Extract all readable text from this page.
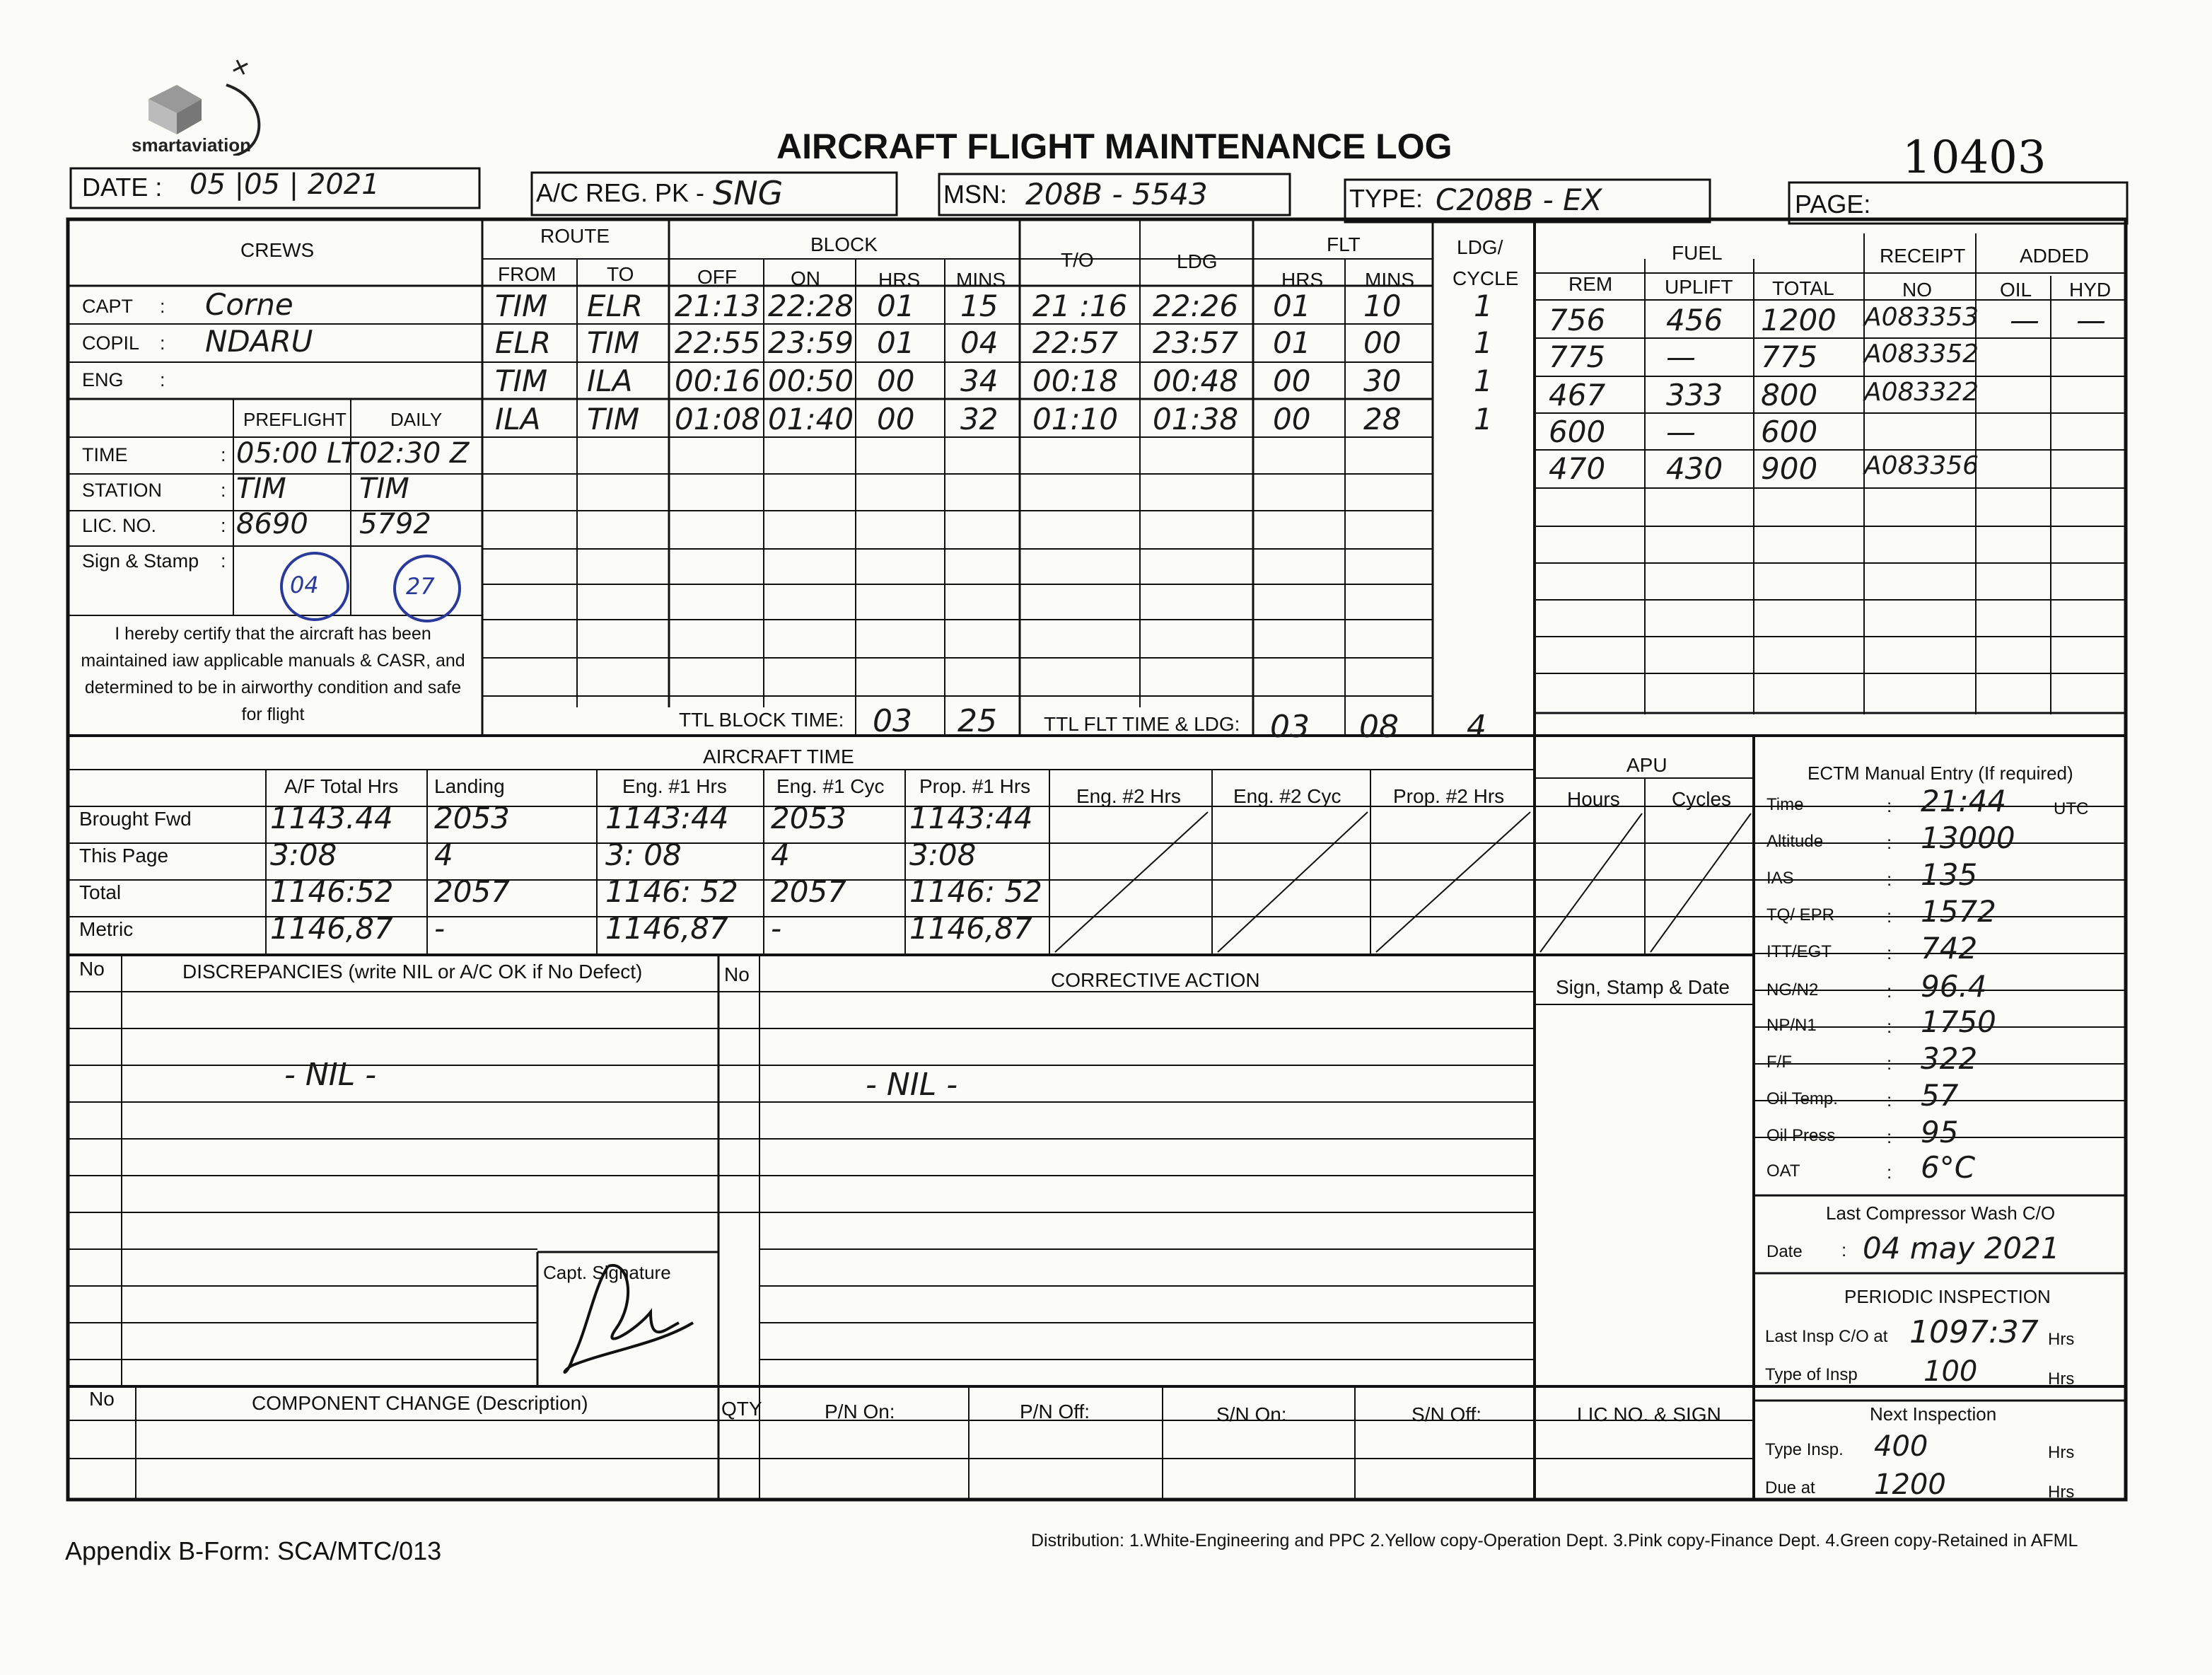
smartaviation	AIRCRAFT FLIGHT MAINTENANCE LOG	10403
DATE : 05 |05 | 2021	A/C REG. PK - SNG	MSN: 208B - 5543	TYPE: C208B - EX	PAGE:
CREWS
CAPT : Corne
COPIL : NDARU
ENG :
PREFLIGHT DAILY
TIME	: 05:00 LT 02:30 Z
STATION	: TIM	TIM
LIC. NO.	: 8690 5792
Sign & Stamp :
04	27
I hereby certify that the aircraft has been
maintained iaw applicable manuals & CASR, and
determined to be in airworthy condition and safe
for flight
ROUTE
FROM	TO
BLOCK
OFF	ON	HRS MINS
T/O	LDG
FLT
HRS MINS
LDG/
CYCLE
FUEL
REM	UPLIFT TOTAL
RECEIPT
NO
ADDED
OIL HYD
TIM ELR 21:13 22:28 01 15 21 :16 22:26 01 10 1
ELR TIM 22:55 23:59 01 04 22:57 23:57 01 00 1
TIM ILA 00:16 00:50 00 34 00:18 00:48 00 30 1
ILA TIM 01:08 01:40 00 32 01:10 01:38 00 28 1
756 456 1200 A083353 — —
775 — 775 A083352
467 333 800 A083322
600 — 600
470 430 900 A083356
TTL BLOCK TIME: 03 25 TTL FLT TIME & LDG: 03 08 4
AIRCRAFT TIME	APU
A/F Total Hrs Landing	Eng. #1 Hrs	Eng. #1 Cyc Prop. #1 Hrs Eng. #2 Hrs	Eng. #2 Cyc	Prop. #2 Hrs	Hours	Cycles
Brought Fwd	1143.44 2053	1143:44 2053 1143:44
This Page	3:08	4	3: 08	4	3:08
Total	1146:52 2057	1146: 52 2057 1146: 52
Metric	1146,87 -	1146,87 -	1146,87
ECTM Manual Entry (If required)
Time	: 21:44
Altitude	: 13000
IAS	: 135
TQ/ EPR	: 1572
ITT/EGT	: 742
NG/N2	: 96.4
NP/N1	: 1750
F/F	: 322
Oil Temp.	: 57
Oil Press	: 95
OAT	: 6°C
UTC
Last Compressor Wash C/O
Date : 04 may 2021
PERIODIC INSPECTION
Last Insp C/O at 1097:37 Hrs
Type of Insp 100	Hrs
Next Inspection
Type Insp. 400	Hrs
Due at 1200	Hrs
No	DISCREPANCIES (write NIL or A/C OK if No Defect)
- NIL -
No	CORRECTIVE ACTION
- NIL -
Sign, Stamp & Date
Capt. Signature
No	COMPONENT CHANGE (Description)	QTY	P/N On:	P/N Off:	S/N On:	S/N Off:	LIC NO. & SIGN
Appendix B-Form: SCA/MTC/013	Distribution: 1.White-Engineering and PPC 2.Yellow copy-Operation Dept. 3.Pink copy-Finance Dept. 4.Green copy-Retained in AFML
